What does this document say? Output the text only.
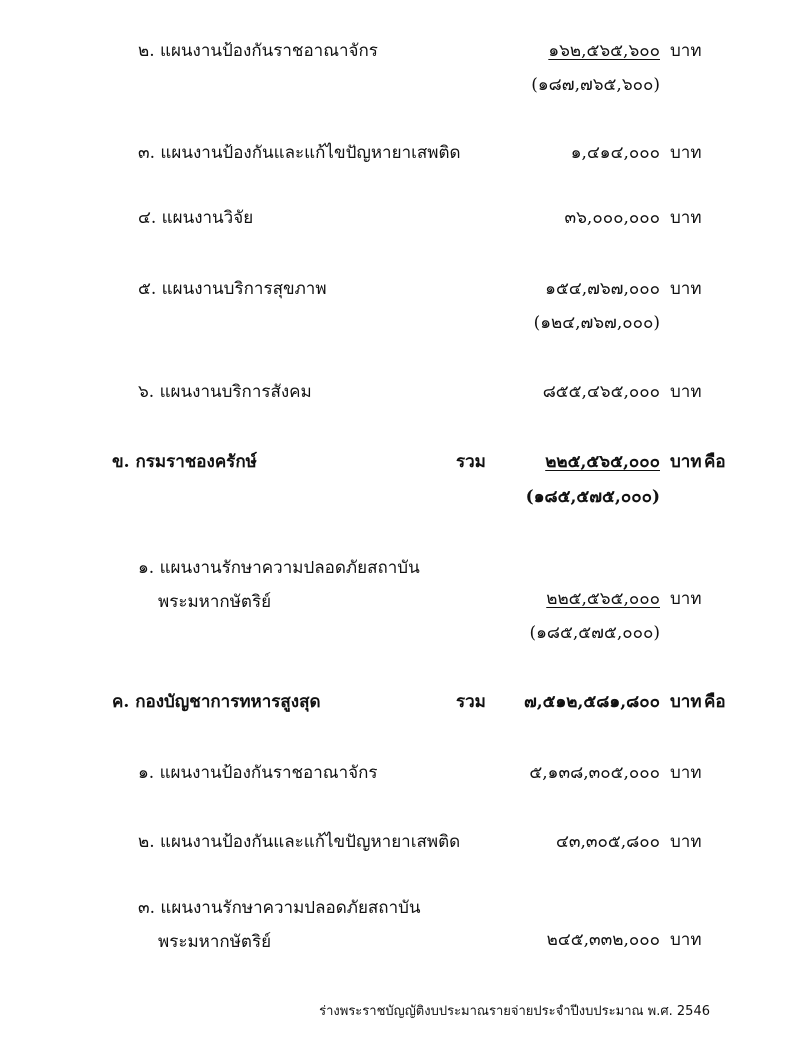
๒. แผนงานป้องกันราชอาณาจักร	๑๖๒,๕๖๕,๖๐๐ บาท
(๑๘๗,๗๖๕,๖๐๐)
๓. แผนงานป้องกันและแก้ไขปัญหายาเสพติด	๑,๔๑๔,๐๐๐ บาท
๔. แผนงานวิจัย	๓๖,๐๐๐,๐๐๐ บาท
๕. แผนงานบริการสุขภาพ	๑๕๔,๗๖๗,๐๐๐ บาท
(๑๒๔,๗๖๗,๐๐๐)
๖. แผนงานบริการสังคม	๘๕๕,๔๖๕,๐๐๐ บาท
ข. กรมราชองครักษ์	รวม	๒๒๕,๕๖๕,๐๐๐ บาท คือ
(๑๘๕,๕๗๕,๐๐๐)
๑. แผนงานรักษาความปลอดภัยสถาบัน
พระมหากษัตริย์	๒๒๕,๕๖๕,๐๐๐ บาท
(๑๘๕,๕๗๕,๐๐๐)
ค. กองบัญชาการทหารสูงสุด	รวม ๗,๕๑๒,๕๘๑,๘๐๐ บาท คือ
๑. แผนงานป้องกันราชอาณาจักร	๕,๑๓๘,๓๐๕,๐๐๐ บาท
๒. แผนงานป้องกันและแก้ไขปัญหายาเสพติด	๔๓,๓๐๕,๘๐๐ บาท
๓. แผนงานรักษาความปลอดภัยสถาบัน
พระมหากษัตริย์	๒๔๕,๓๓๒,๐๐๐ บาท
ร่างพระราชบัญญัติงบประมาณรายจ่ายประจำปีงบประมาณ พ.ศ. 2546
